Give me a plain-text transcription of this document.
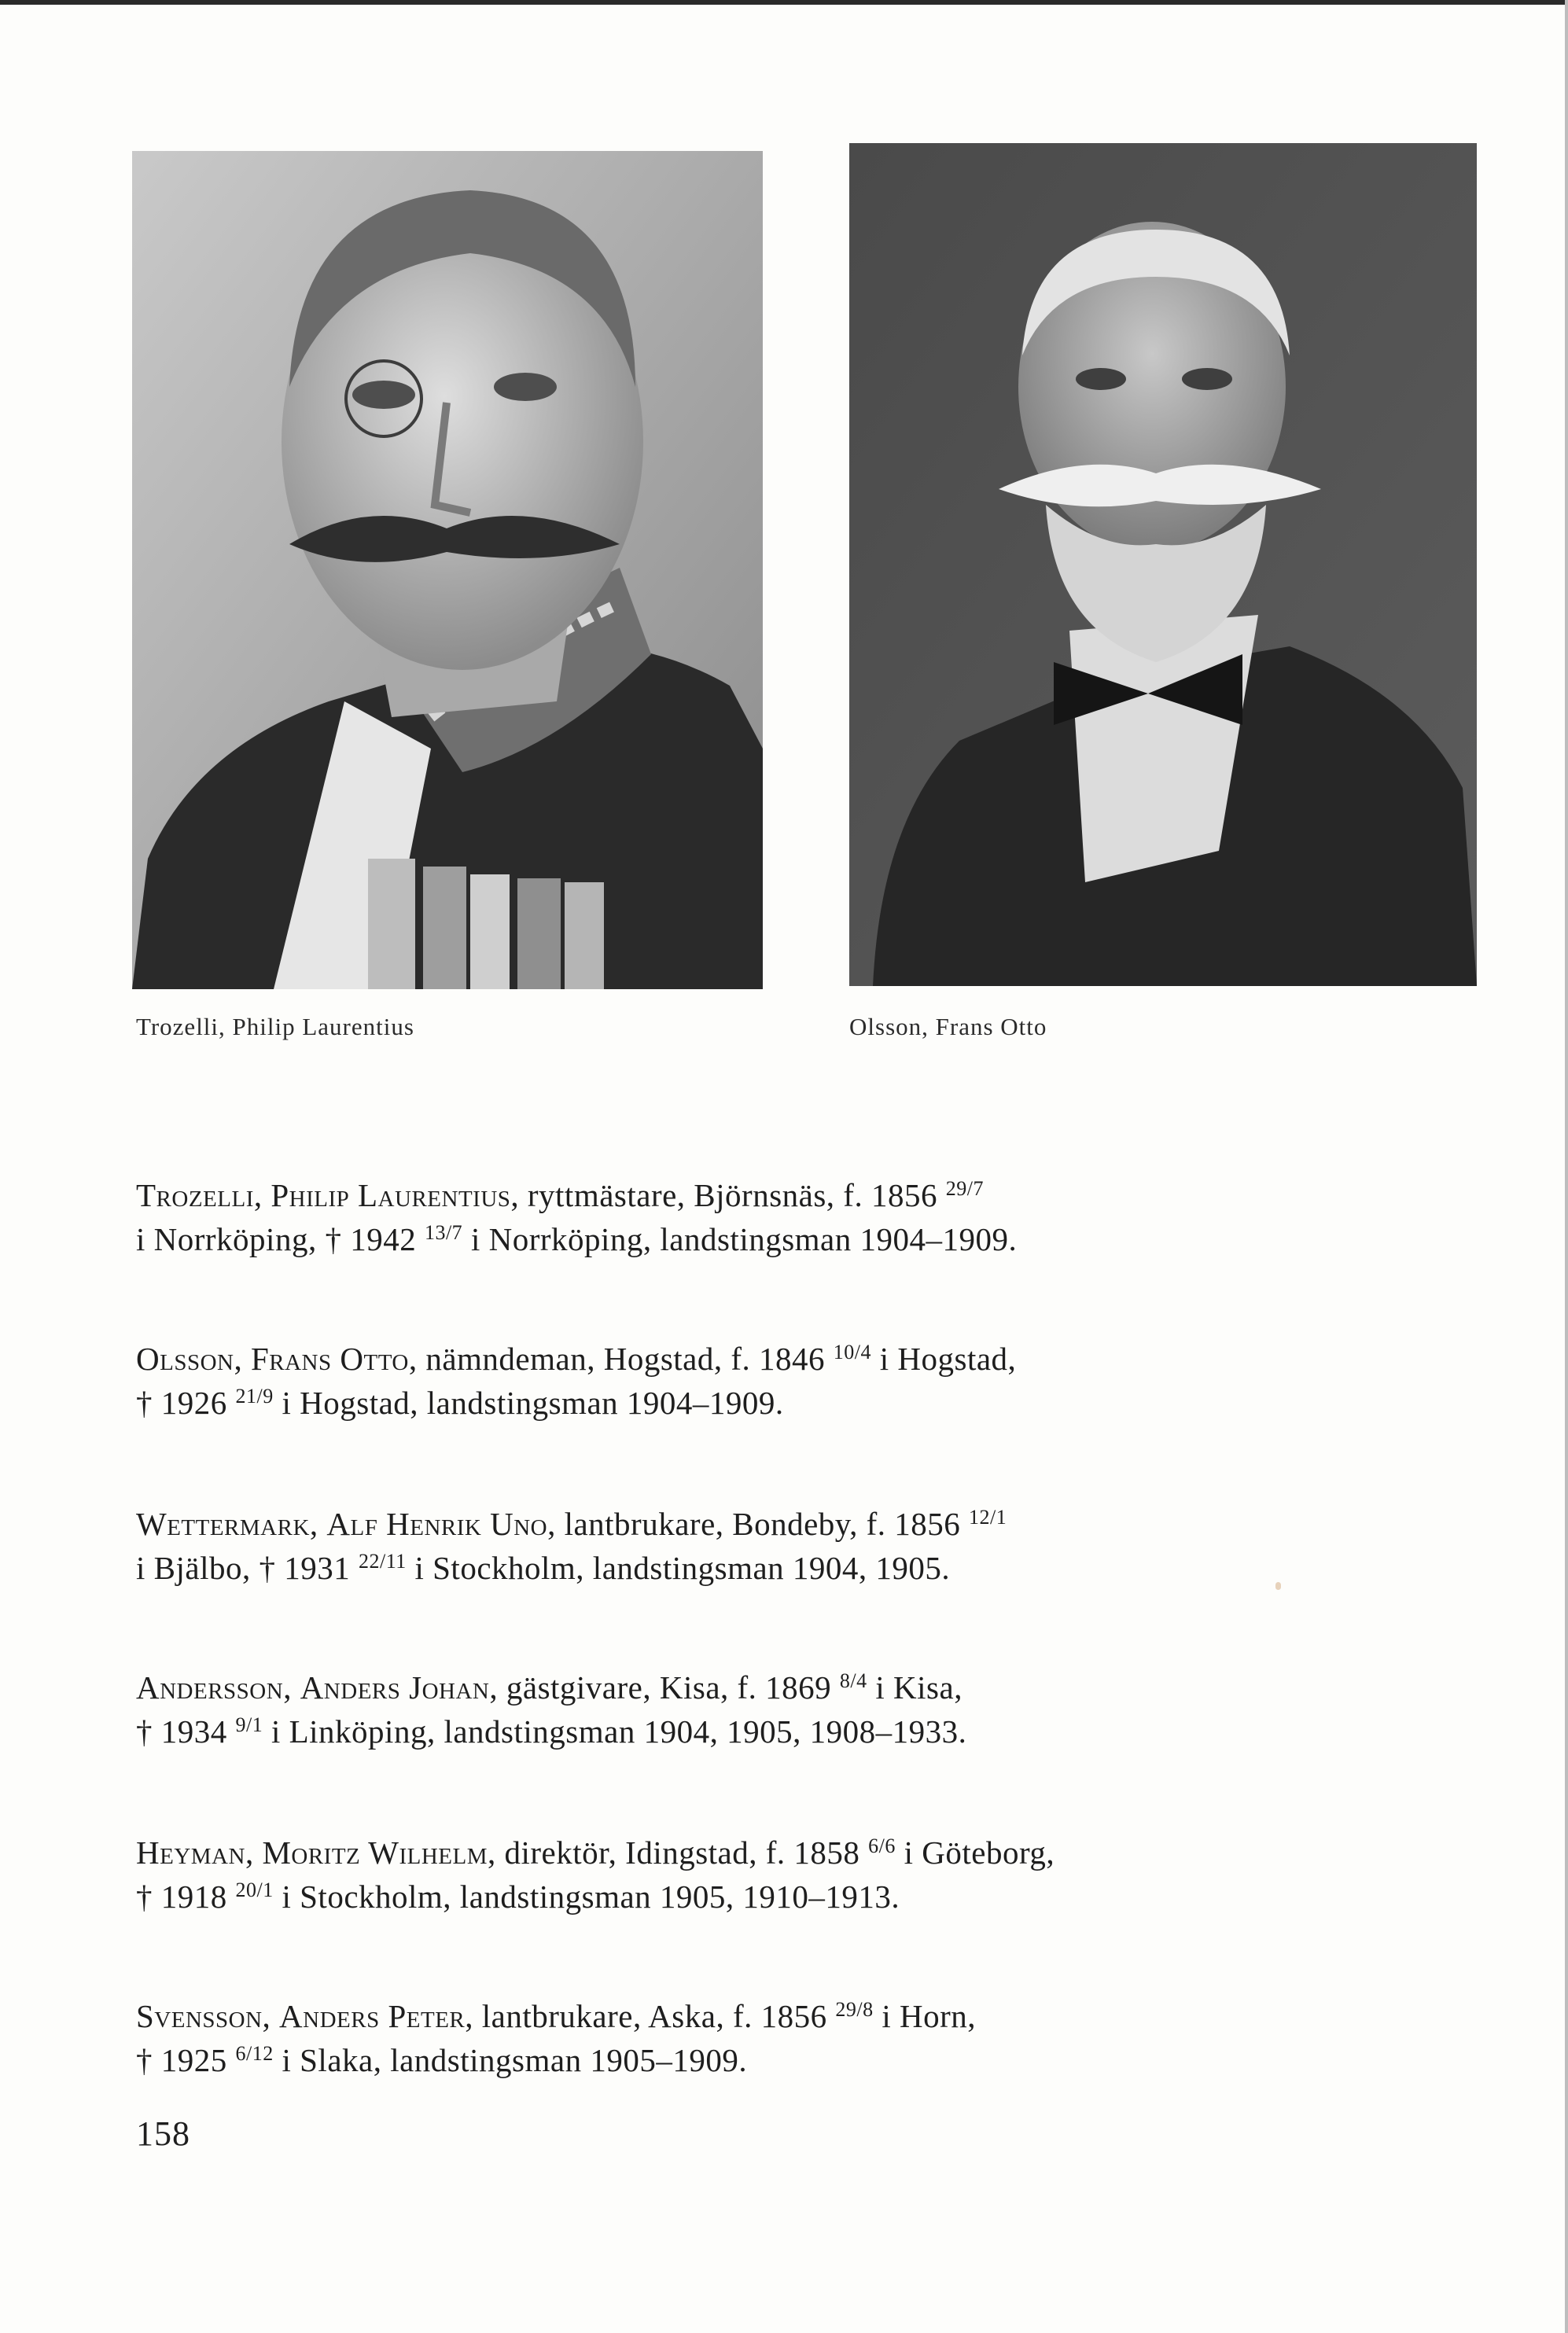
Trozelli, Philip Laurentius	Olsson, Frans Otto
Trozelli, Philip Laurentius, ryttmästare, Björnsnäs, f. 1856 $^{29/7}$
i Norrköping, † 1942 $^{13/7}$ i Norrköping, landstingsman 1904–1909.
Olsson, Frans Otto, nämndeman, Hogstad, f. 1846 $^{10/4}$ i Hogstad,
† 1926 $^{21/9}$ i Hogstad, landstingsman 1904–1909.
Wettermark, Alf Henrik Uno, lantbrukare, Bondeby, f. 1856 $^{12/1}$
i Bjälbo, † 1931 $^{22/11}$ i Stockholm, landstingsman 1904, 1905.
Andersson, Anders Johan, gästgivare, Kisa, f. 1869 $^{8/4}$ i Kisa,
† 1934 $^{9/1}$ i Linköping, landstingsman 1904, 1905, 1908–1933.
Heyman, Moritz Wilhelm, direktör, Idingstad, f. 1858 $^{6/6}$ i Göteborg,
† 1918 $^{20/1}$ i Stockholm, landstingsman 1905, 1910–1913.
Svensson, Anders Peter, lantbrukare, Aska, f. 1856 $^{29/8}$ i Horn,
† 1925 $^{6/12}$ i Slaka, landstingsman 1905–1909.
158
